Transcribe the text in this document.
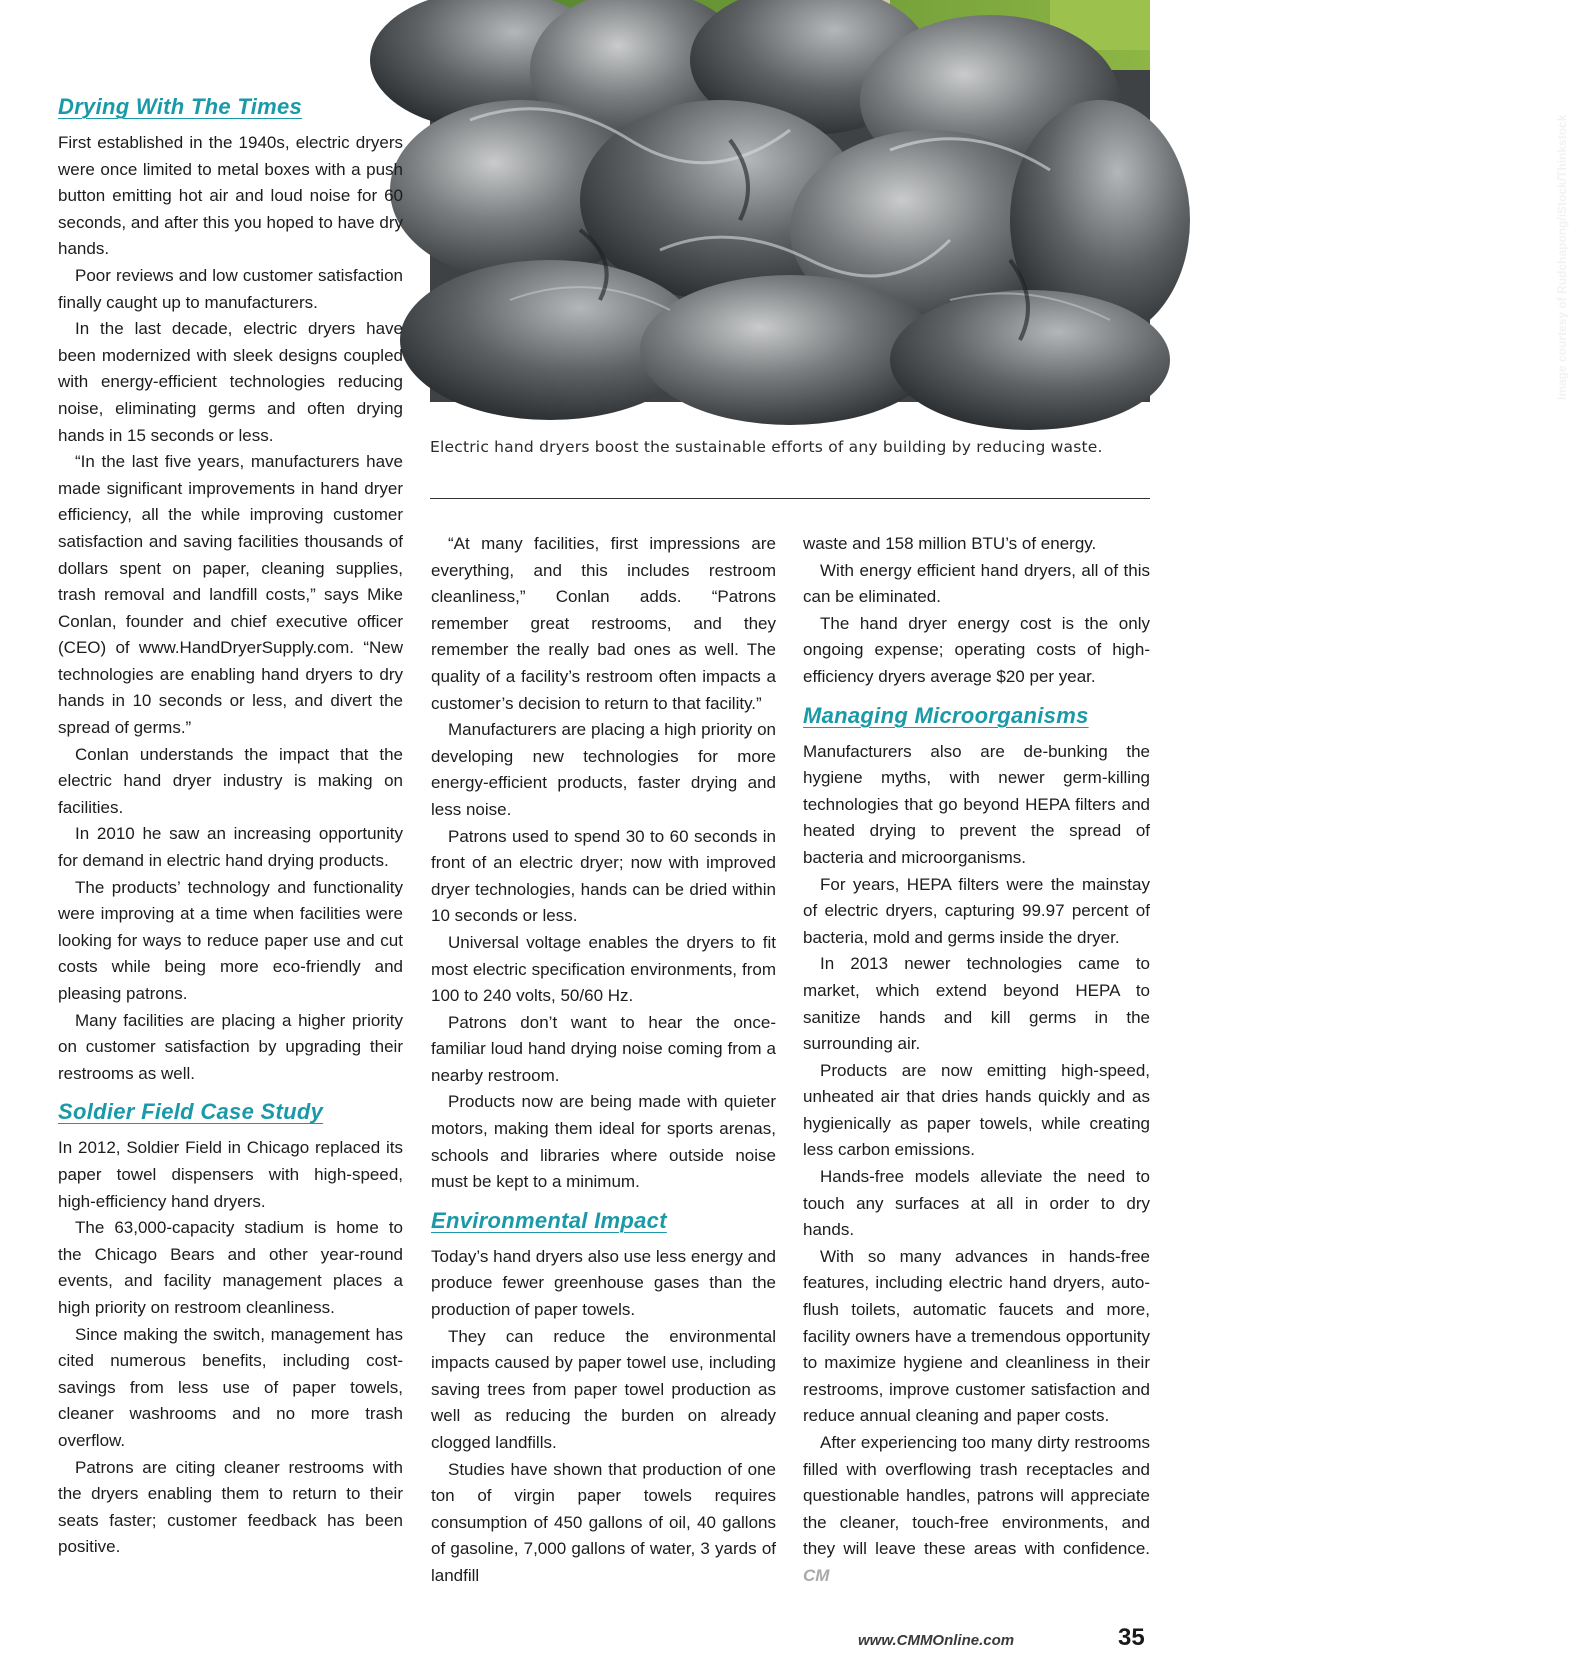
Image courtesy of Rudchapong/iStock/Thinkstock
Electric hand dryers boost the sustainable efforts of any building by reducing waste.
Drying With The Times

First established in the 1940s, electric dryers were once limited to metal boxes with a push button emitting hot air and loud noise for 60 seconds, and after this you hoped to have dry hands.

Poor reviews and low customer satisfaction finally caught up to manufacturers.

In the last decade, electric dryers have been modernized with sleek designs coupled with energy-efficient technologies reducing noise, eliminating germs and often drying hands in 15 seconds or less.

“In the last five years, manufacturers have made significant improvements in hand dryer efficiency, all the while improving customer satisfaction and saving facilities thousands of dollars spent on paper, cleaning supplies, trash removal and landfill costs,” says Mike Conlan, founder and chief executive officer (CEO) of www.HandDryerSupply.com. “New technologies are enabling hand dryers to dry hands in 10 seconds or less, and divert the spread of germs.”

Conlan understands the impact that the electric hand dryer industry is making on facilities.

In 2010 he saw an increasing opportunity for demand in electric hand drying products.

The products’ technology and functionality were improving at a time when facilities were looking for ways to reduce paper use and cut costs while being more eco-friendly and pleasing patrons.

Many facilities are placing a higher priority on customer satisfaction by upgrading their restrooms as well.

Soldier Field Case Study

In 2012, Soldier Field in Chicago replaced its paper towel dispensers with high-speed, high-efficiency hand dryers.

The 63,000-capacity stadium is home to the Chicago Bears and other year-round events, and facility management places a high priority on restroom cleanliness.

Since making the switch, management has cited numerous benefits, including cost-savings from less use of paper towels, cleaner washrooms and no more trash overflow.

Patrons are citing cleaner restrooms with the dryers enabling them to return to their seats faster; customer feedback has been positive.

“At many facilities, first impressions are everything, and this includes restroom cleanliness,” Conlan adds. “Patrons remember great restrooms, and they remember the really bad ones as well. The quality of a facility’s restroom often impacts a customer’s decision to return to that facility.”

Manufacturers are placing a high priority on developing new technologies for more energy-efficient products, faster drying and less noise.

Patrons used to spend 30 to 60 seconds in front of an electric dryer; now with improved dryer technologies, hands can be dried within 10 seconds or less.

Universal voltage enables the dryers to fit most electric specification environments, from 100 to 240 volts, 50/60 Hz.

Patrons don’t want to hear the once-familiar loud hand drying noise coming from a nearby restroom.

Products now are being made with quieter motors, making them ideal for sports arenas, schools and libraries where outside noise must be kept to a minimum.

Environmental Impact

Today’s hand dryers also use less energy and produce fewer greenhouse gases than the production of paper towels.

They can reduce the environmental impacts caused by paper towel use, including saving trees from paper towel production as well as reducing the burden on already clogged landfills.

Studies have shown that production of one ton of virgin paper towels requires consumption of 450 gallons of oil, 40 gallons of gasoline, 7,000 gallons of water, 3 yards of landfill

waste and 158 million BTU’s of energy.

With energy efficient hand dryers, all of this can be eliminated.

The hand dryer energy cost is the only ongoing expense; operating costs of high-efficiency dryers average $20 per year.

Managing Microorganisms

Manufacturers also are de-bunking the hygiene myths, with newer germ-killing technologies that go beyond HEPA filters and heated drying to prevent the spread of bacteria and microorganisms.

For years, HEPA filters were the mainstay of electric dryers, capturing 99.97 percent of bacteria, mold and germs inside the dryer.

In 2013 newer technologies came to market, which extend beyond HEPA to sanitize hands and kill germs in the surrounding air.

Products are now emitting high-speed, unheated air that dries hands quickly and as hygienically as paper towels, while creating less carbon emissions.

Hands-free models alleviate the need to touch any surfaces at all in order to dry hands.

With so many advances in hands-free features, including electric hand dryers, auto-flush toilets, automatic faucets and more, facility owners have a tremendous opportunity to maximize hygiene and cleanliness in their restrooms, improve customer satisfaction and reduce annual cleaning and paper costs.

After experiencing too many dirty restrooms filled with overflowing trash receptacles and questionable handles, patrons will appreciate the cleaner, touch-free environments, and they will leave these areas with confidence. CM

www.CMMOnline.com	35
